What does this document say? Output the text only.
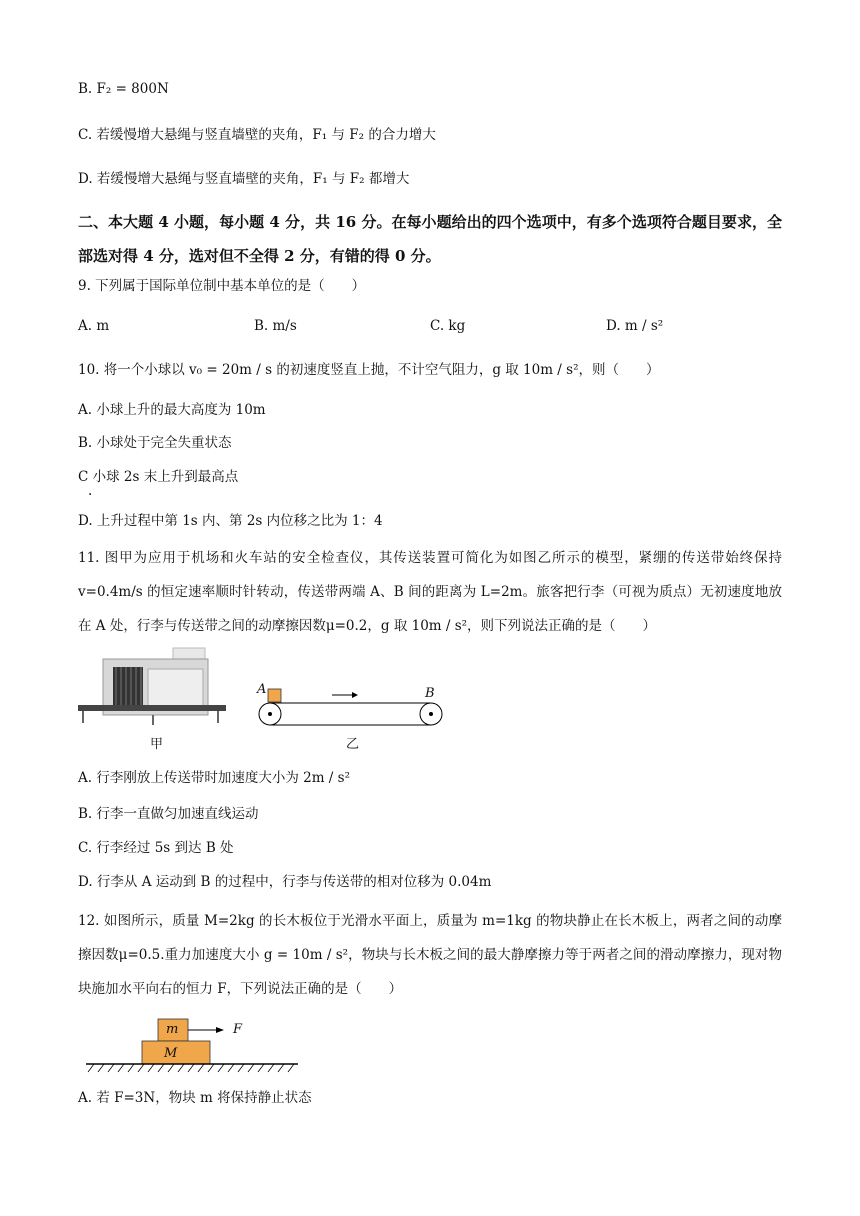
B. F₂ = 800N
C. 若缓慢增大悬绳与竖直墙壁的夹角，F₁ 与 F₂ 的合力增大
D. 若缓慢增大悬绳与竖直墙壁的夹角，F₁ 与 F₂ 都增大
二、本大题 4 小题，每小题 4 分，共 16 分。在每小题给出的四个选项中，有多个选项符合题目要求，全部选对得 4 分，选对但不全得 2 分，有错的得 0 分。
9. 下列属于国际单位制中基本单位的是（　　）
A. m	B. m/s	C. kg	D. m / s²
10. 将一个小球以 v₀ = 20m / s 的初速度竖直上抛，不计空气阻力，g 取 10m / s²，则（　　）
A. 小球上升的最大高度为 10m
B. 小球处于完全失重状态
C 小球 2s 末上升到最高点
.
D. 上升过程中第 1s 内、第 2s 内位移之比为 1：4
11. 图甲为应用于机场和火车站的安全检查仪，其传送装置可简化为如图乙所示的模型，紧绷的传送带始终保持 v=0.4m/s 的恒定速率顺时针转动，传送带两端 A、B 间的距离为 L=2m。旅客把行李（可视为质点）无初速度地放在 A 处，行李与传送带之间的动摩擦因数μ=0.2，g 取 10m / s²，则下列说法正确的是（　　）
甲
A	B
乙
A. 行李刚放上传送带时加速度大小为 2m / s²
B. 行李一直做匀加速直线运动
C. 行李经过 5s 到达 B 处
D. 行李从 A 运动到 B 的过程中，行李与传送带的相对位移为 0.04m
12. 如图所示，质量 M=2kg 的长木板位于光滑水平面上，质量为 m=1kg 的物块静止在长木板上，两者之间的动摩擦因数μ=0.5.重力加速度大小 g = 10m / s²，物块与长木板之间的最大静摩擦力等于两者之间的滑动摩擦力，现对物块施加水平向右的恒力 F，下列说法正确的是（　　）
m
M
F
A. 若 F=3N，物块 m 将保持静止状态
